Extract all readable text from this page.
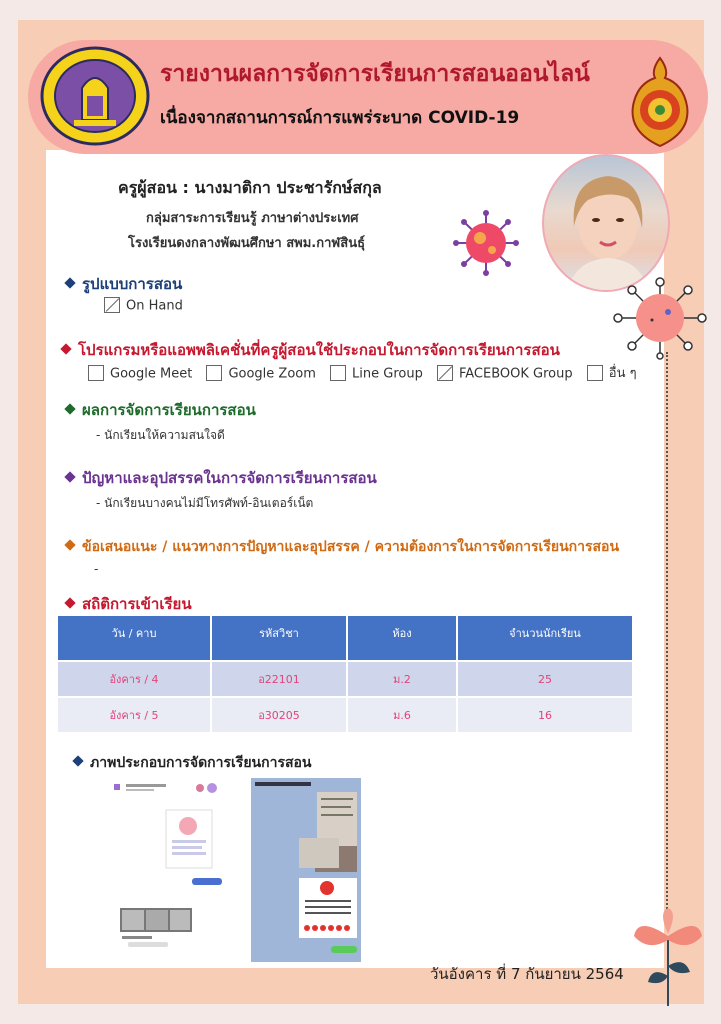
รายงานผลการจัดการเรียนการสอนออนไลน์
เนื่องจากสถานการณ์การแพร่ระบาด COVID-19
ครูผู้สอน : นางมาติกา ประชารักษ์สกุล
กลุ่มสาระการเรียนรู้ ภาษาต่างประเทศ
โรงเรียนดงกลางพัฒนศึกษา สพม.กาฬสินธุ์
รูปแบบการสอน
On Hand
โปรแกรมหรือแอพพลิเคชั่นที่ครูผู้สอนใช้ประกอบในการจัดการเรียนการสอน
Google Meet	Google Zoom	Line Group	FACEBOOK Group	อื่น ๆ
ผลการจัดการเรียนการสอน
- นักเรียนให้ความสนใจดี
ปัญหาและอุปสรรคในการจัดการเรียนการสอน
- นักเรียนบางคนไม่มีโทรศัพท์-อินเตอร์เน็ต
ข้อเสนอแนะ / แนวทางการปัญหาและอุปสรรค / ความต้องการในการจัดการเรียนการสอน
-
สถิติการเข้าเรียน
วัน / คาบ	รหัสวิชา	ห้อง	จำนวนนักเรียน
อังคาร / 4	อ22101	ม.2	25
อังคาร / 5	อ30205	ม.6	16
ภาพประกอบการจัดการเรียนการสอน
วันอังคาร ที่ 7 กันยายน 2564
